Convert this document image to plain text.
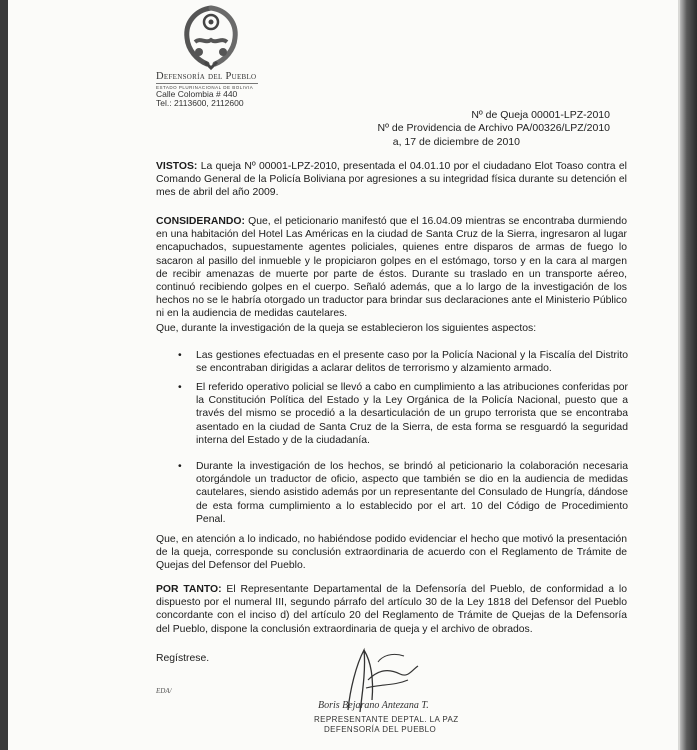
Defensoría del Pueblo
ESTADO PLURINACIONAL DE BOLIVIA
Calle Colombia # 440
Tel.: 2113600, 2112600
Nº de Queja 00001-LPZ-2010
Nº de Providencia de Archivo PA/00326/LPZ/2010
a, 17 de diciembre de 2010
VISTOS: La queja Nº 00001-LPZ-2010, presentada el 04.01.10 por el ciudadano Elot Toaso contra el Comando General de la Policía Boliviana por agresiones a su integridad física durante su detención el mes de abril del año 2009.
CONSIDERANDO: Que, el peticionario manifestó que el 16.04.09 mientras se encontraba durmiendo en una habitación del Hotel Las Américas en la ciudad de Santa Cruz de la Sierra, ingresaron al lugar encapuchados, supuestamente agentes policiales, quienes entre disparos de armas de fuego lo sacaron al pasillo del inmueble y le propiciaron golpes en el estómago, torso y en la cara al margen de recibir amenazas de muerte por parte de éstos. Durante su traslado en un transporte aéreo, continuó recibiendo golpes en el cuerpo. Señaló además, que a lo largo de la investigación de los hechos no se le habría otorgado un traductor para brindar sus declaraciones ante el Ministerio Público ni en la audiencia de medidas cautelares.
Que, durante la investigación de la queja se establecieron los siguientes aspectos:
• Las gestiones efectuadas en el presente caso por la Policía Nacional y la Fiscalía del Distrito se encontraban dirigidas a aclarar delitos de terrorismo y alzamiento armado.
• El referido operativo policial se llevó a cabo en cumplimiento a las atribuciones conferidas por la Constitución Política del Estado y la Ley Orgánica de la Policía Nacional, puesto que a través del mismo se procedió a la desarticulación de un grupo terrorista que se encontraba asentado en la ciudad de Santa Cruz de la Sierra, de esta forma se resguardó la seguridad interna del Estado y de la ciudadanía.
• Durante la investigación de los hechos, se brindó al peticionario la colaboración necesaria otorgándole un traductor de oficio, aspecto que también se dio en la audiencia de medidas cautelares, siendo asistido además por un representante del Consulado de Hungría, dándose de esta forma cumplimiento a lo establecido por el art. 10 del Código de Procedimiento Penal.
Que, en atención a lo indicado, no habiéndose podido evidenciar el hecho que motivó la presentación de la queja, corresponde su conclusión extraordinaria de acuerdo con el Reglamento de Trámite de Quejas del Defensor del Pueblo.
POR TANTO: El Representante Departamental de la Defensoría del Pueblo, de conformidad a lo dispuesto por el numeral III, segundo párrafo del artículo 30 de la Ley 1818 del Defensor del Pueblo concordante con el inciso d) del artículo 20 del Reglamento de Trámite de Quejas de la Defensoría del Pueblo, dispone la conclusión extraordinaria de queja y el archivo de obrados.
Regístrese.
EDA/
Boris Bejarano Antezana T.
REPRESENTANTE DEPTAL. LA PAZ
DEFENSORÍA DEL PUEBLO
